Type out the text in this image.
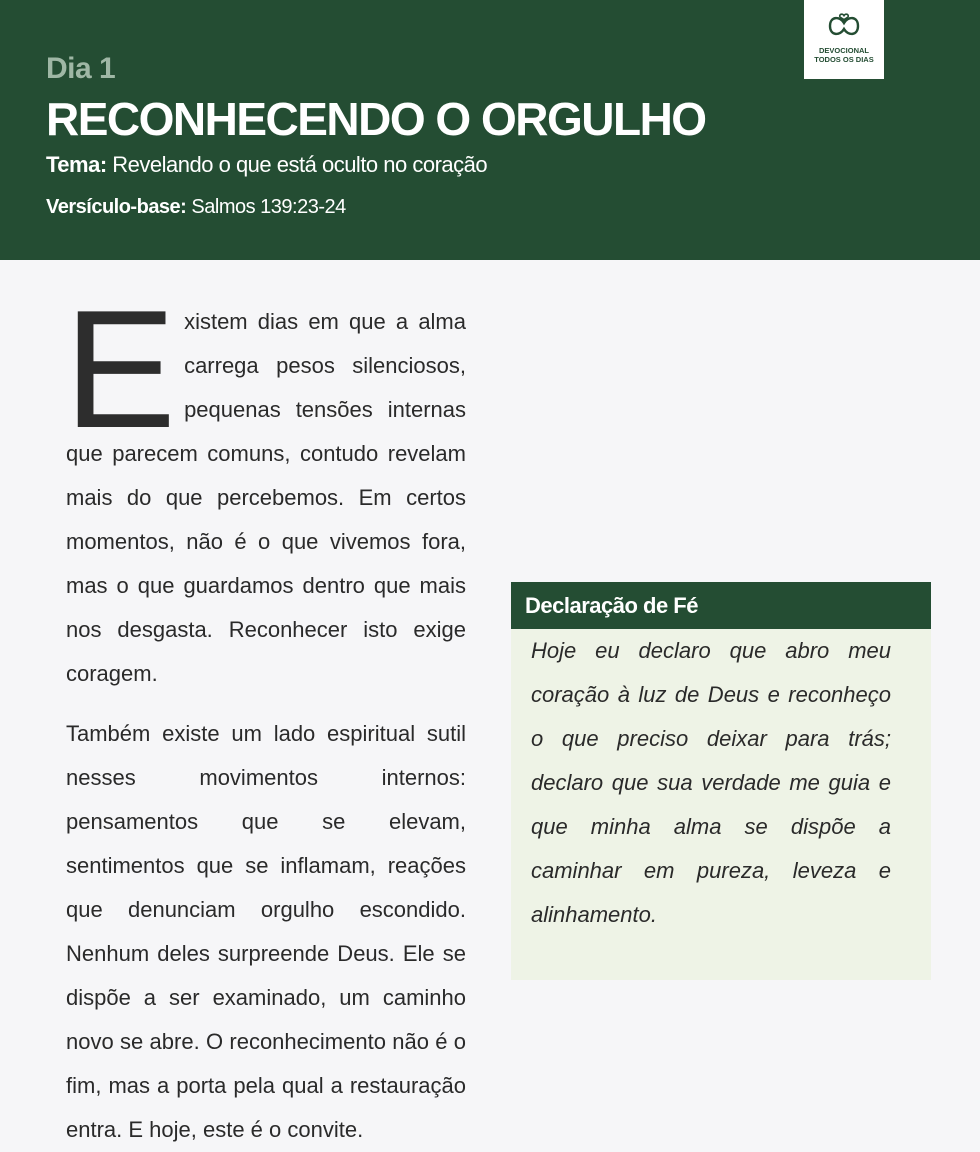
Dia 1
RECONHECENDO O ORGULHO
Tema: Revelando o que está oculto no coração
Versículo-base: Salmos 139:23-24
DEVOCIONAL
TODOS OS DIAS

Existem dias em que a alma carrega pesos silenciosos, pequenas tensões internas que parecem comuns, contudo revelam mais do que percebemos. Em certos momentos, não é o que vivemos fora, mas o que guardamos dentro que mais nos desgasta. Reconhecer isto exige coragem.

Também existe um lado espiritual sutil nesses movimentos internos: pensamentos que se elevam, sentimentos que se inflamam, reações que denunciam orgulho escondido. Nenhum deles surpreende Deus. Ele se dispõe a ser examinado, um caminho novo se abre. O reconhecimento não é o fim, mas a porta pela qual a restauração entra. E hoje, este é o convite.

Declaração de Fé
Hoje eu declaro que abro meu coração à luz de Deus e reconheço o que preciso deixar para trás; declaro que sua verdade me guia e que minha alma se dispõe a caminhar em pureza, leveza e alinhamento.
